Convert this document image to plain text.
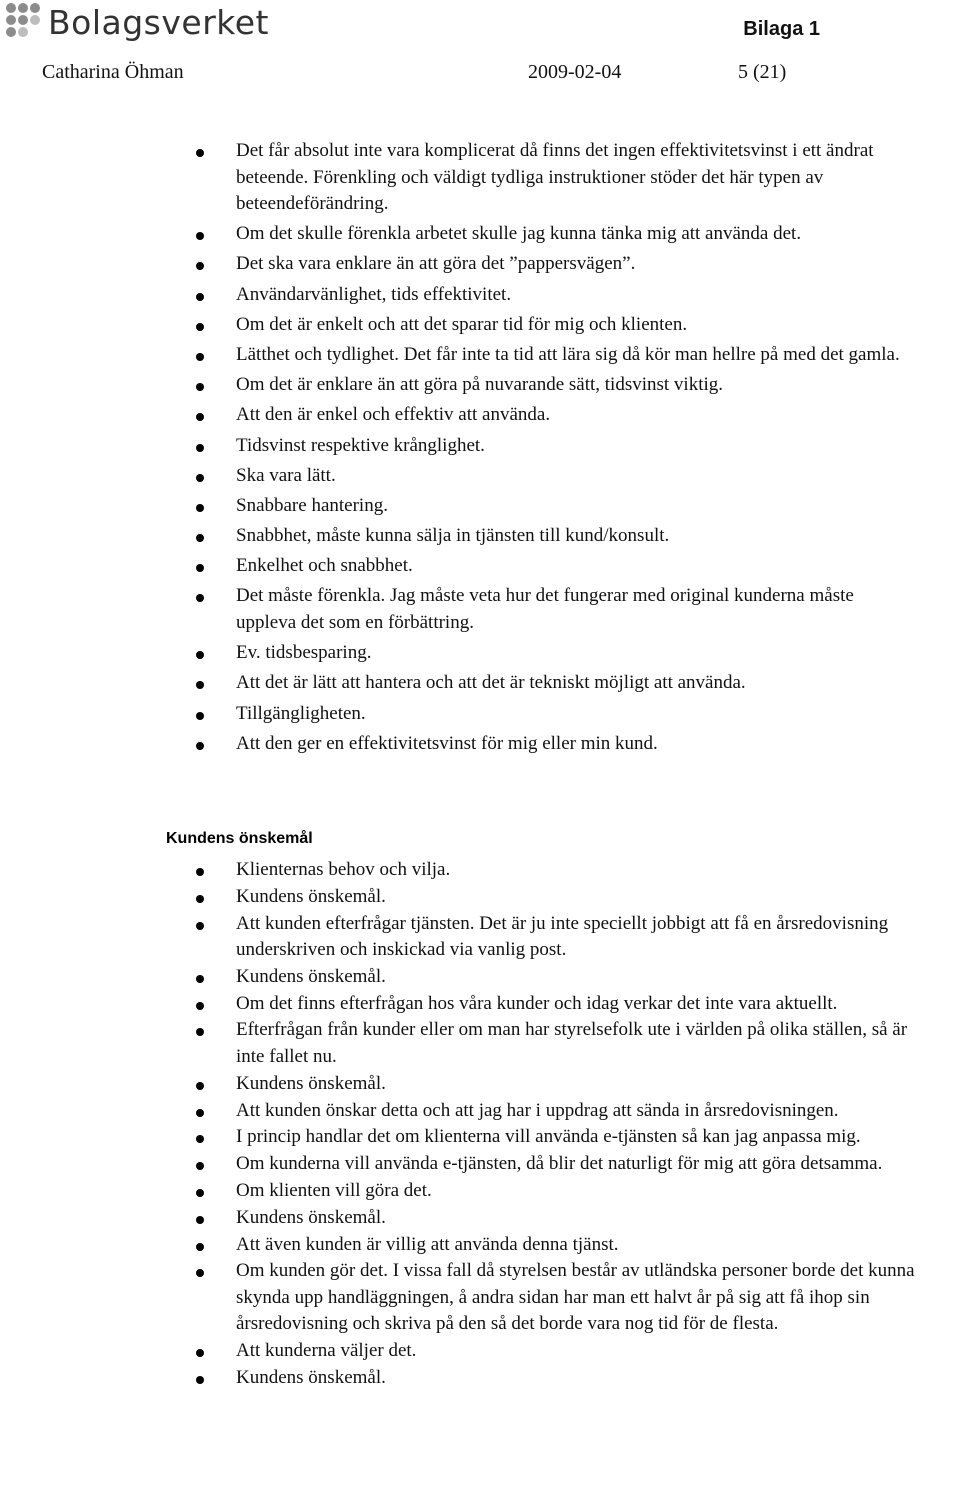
Bolagsverket	Bilaga 1
Catharina Öhman	2009-02-04	5 (21)
Det får absolut inte vara komplicerat då finns det ingen effektivitetsvinst i ett ändrat beteende. Förenkling och väldigt tydliga instruktioner stöder det här typen av beteendeförändring.
Om det skulle förenkla arbetet skulle jag kunna tänka mig att använda det.
Det ska vara enklare än att göra det ”pappersvägen”.
Användarvänlighet, tids effektivitet.
Om det är enkelt och att det sparar tid för mig och klienten.
Lätthet och tydlighet. Det får inte ta tid att lära sig då kör man hellre på med det gamla.
Om det är enklare än att göra på nuvarande sätt, tidsvinst viktig.
Att den är enkel och effektiv att använda.
Tidsvinst respektive krånglighet.
Ska vara lätt.
Snabbare hantering.
Snabbhet, måste kunna sälja in tjänsten till kund/konsult.
Enkelhet och snabbhet.
Det måste förenkla. Jag måste veta hur det fungerar med original kunderna måste uppleva det som en förbättring.
Ev. tidsbesparing.
Att det är lätt att hantera och att det är tekniskt möjligt att använda.
Tillgängligheten.
Att den ger en effektivitetsvinst för mig eller min kund.
Kundens önskemål
Klienternas behov och vilja.
Kundens önskemål.
Att kunden efterfrågar tjänsten. Det är ju inte speciellt jobbigt att få en årsredovisning underskriven och inskickad via vanlig post.
Kundens önskemål.
Om det finns efterfrågan hos våra kunder och idag verkar det inte vara aktuellt.
Efterfrågan från kunder eller om man har styrelsefolk ute i världen på olika ställen, så är inte fallet nu.
Kundens önskemål.
Att kunden önskar detta och att jag har i uppdrag att sända in årsredovisningen.
I princip handlar det om klienterna vill använda e-tjänsten så kan jag anpassa mig.
Om kunderna vill använda e-tjänsten, då blir det naturligt för mig att göra detsamma.
Om klienten vill göra det.
Kundens önskemål.
Att även kunden är villig att använda denna tjänst.
Om kunden gör det. I vissa fall då styrelsen består av utländska personer borde det kunna skynda upp handläggningen, å andra sidan har man ett halvt år på sig att få ihop sin årsredovisning och skriva på den så det borde vara nog tid för de flesta.
Att kunderna väljer det.
Kundens önskemål.
